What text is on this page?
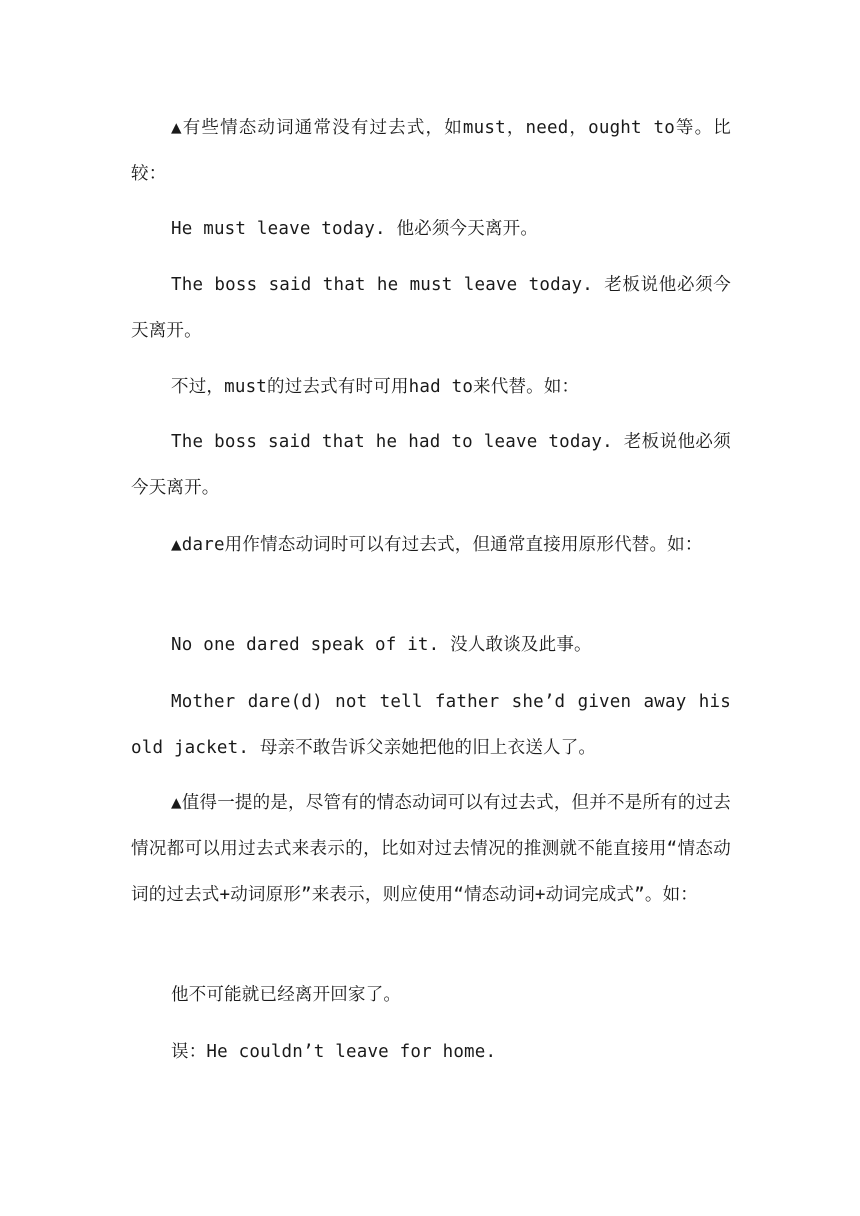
▲有些情态动词通常没有过去式，如must，need，ought to等。比较：

He must leave today. 他必须今天离开。

The boss said that he must leave today. 老板说他必须今天离开。

不过，must的过去式有时可用had to来代替。如：

The boss said that he had to leave today. 老板说他必须今天离开。

▲dare用作情态动词时可以有过去式，但通常直接用原形代替。如：

No one dared speak of it. 没人敢谈及此事。

Mother dare(d) not tell father she’d given away his old jacket. 母亲不敢告诉父亲她把他的旧上衣送人了。

▲值得一提的是，尽管有的情态动词可以有过去式，但并不是所有的过去情况都可以用过去式来表示的，比如对过去情况的推测就不能直接用“情态动词的过去式+动词原形”来表示，则应使用“情态动词+动词完成式”。如：

他不可能就已经离开回家了。

误：He couldn’t leave for home.
